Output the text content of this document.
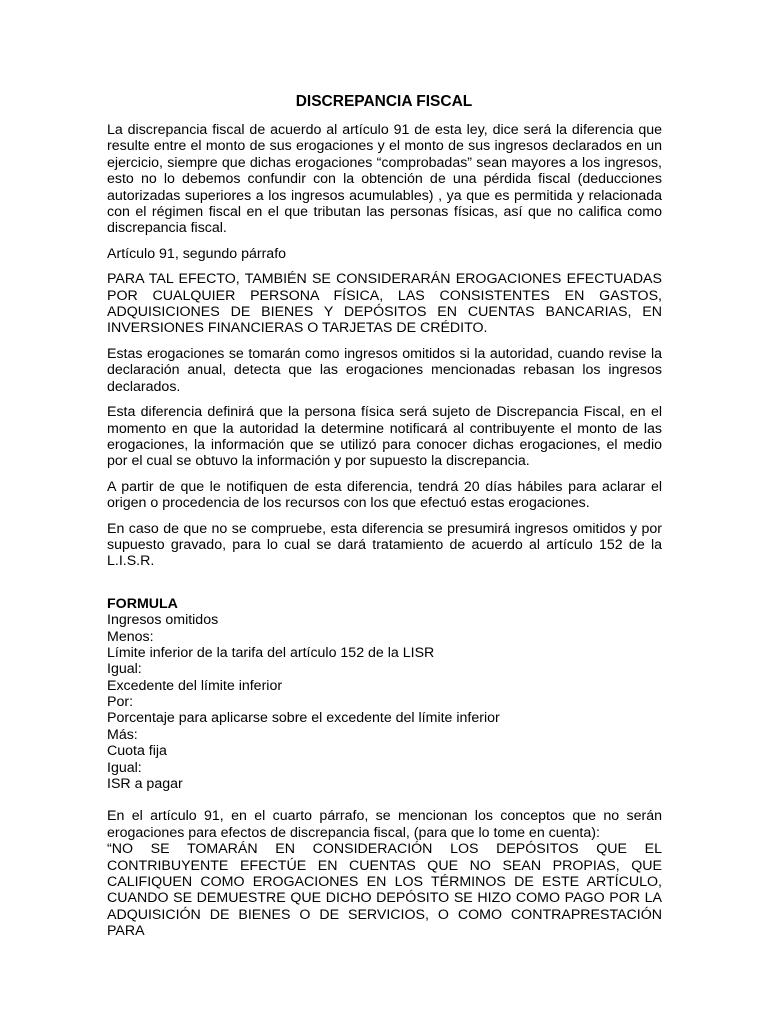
DISCREPANCIA FISCAL

La discrepancia fiscal de acuerdo al artículo 91 de esta ley, dice será la diferencia que resulte entre el monto de sus erogaciones y el monto de sus ingresos declarados en un ejercicio, siempre que dichas erogaciones “comprobadas” sean mayores a los ingresos, esto no lo debemos confundir con la obtención de una pérdida fiscal (deducciones autorizadas superiores a los ingresos acumulables) , ya que es permitida y relacionada con el régimen fiscal en el que tributan las personas físicas, así que no califica como discrepancia fiscal.

Artículo 91, segundo párrafo

PARA TAL EFECTO, TAMBIÉN SE CONSIDERARÁN EROGACIONES EFECTUADAS POR CUALQUIER PERSONA FÍSICA, LAS CONSISTENTES EN GASTOS, ADQUISICIONES DE BIENES Y DEPÓSITOS EN CUENTAS BANCARIAS, EN INVERSIONES FINANCIERAS O TARJETAS DE CRÉDITO.

Estas erogaciones se tomarán como ingresos omitidos si la autoridad, cuando revise la declaración anual, detecta que las erogaciones mencionadas rebasan los ingresos declarados.

Esta diferencia definirá que la persona física será sujeto de Discrepancia Fiscal, en el momento en que la autoridad la determine notificará al contribuyente el monto de las erogaciones, la información que se utilizó para conocer dichas erogaciones, el medio por el cual se obtuvo la información y por supuesto la discrepancia.

A partir de que le notifiquen de esta diferencia, tendrá 20 días hábiles para aclarar el origen o procedencia de los recursos con los que efectuó estas erogaciones.

En caso de que no se compruebe, esta diferencia se presumirá ingresos omitidos y por supuesto gravado, para lo cual se dará tratamiento de acuerdo al artículo 152 de la L.I.S.R.

FORMULA
Ingresos omitidos
Menos:
Límite inferior de la tarifa del artículo 152 de la LISR
Igual:
Excedente del límite inferior
Por:
Porcentaje para aplicarse sobre el excedente del límite inferior
Más:
Cuota fija
Igual:
ISR a pagar

En el artículo 91, en el cuarto párrafo, se mencionan los conceptos que no serán erogaciones para efectos de discrepancia fiscal, (para que lo tome en cuenta):

“NO SE TOMARÁN EN CONSIDERACIÓN LOS DEPÓSITOS QUE EL CONTRIBUYENTE EFECTÚE EN CUENTAS QUE NO SEAN PROPIAS, QUE CALIFIQUEN COMO EROGACIONES EN LOS TÉRMINOS DE ESTE ARTÍCULO, CUANDO SE DEMUESTRE QUE DICHO DEPÓSITO SE HIZO COMO PAGO POR LA ADQUISICIÓN DE BIENES O DE SERVICIOS, O COMO CONTRAPRESTACIÓN PARA
